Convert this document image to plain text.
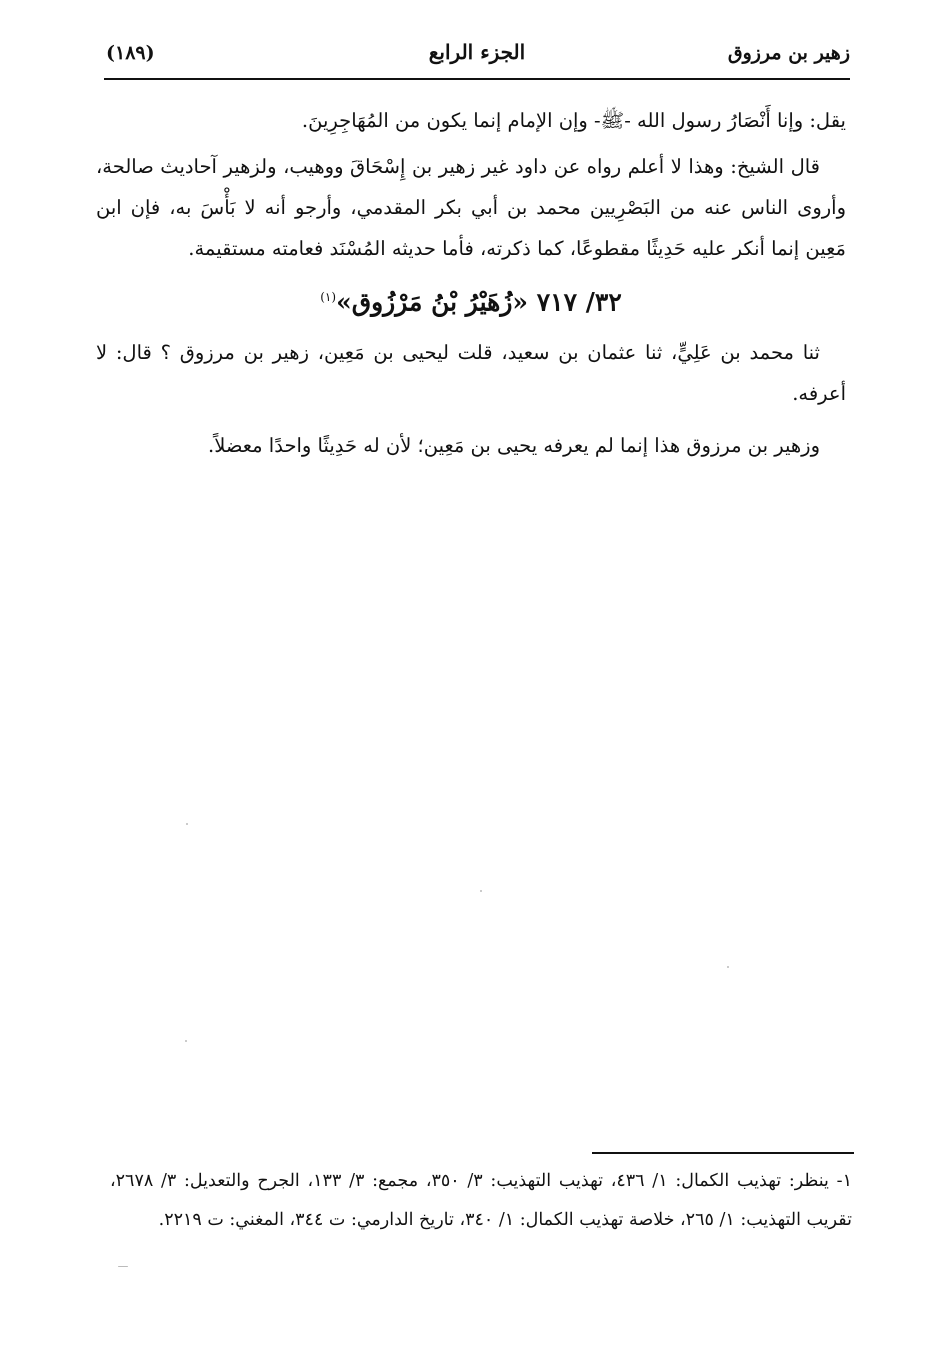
زهير بن مرزوق
الجزء الرابع
(١٨٩)

يقل: وإنا أَنْصَارُ رسول الله -ﷺ- وإن الإمام إنما يكون من المُهَاجِرِينَ.

قال الشيخ: وهذا لا أعلم رواه عن داود غير زهير بن إِسْحَاقَ ووهيب، ولزهير آحاديث صالحة، وأروى الناس عنه من البَصْرِيين محمد بن أبي بكر المقدمي، وأرجو أنه لا بَأْسَ به، فإن ابن مَعِين إنما أنكر عليه حَدِيثًا مقطوعًا، كما ذكرته، فأما حديثه المُسْنَد فعامته مستقيمة.

٣٢/ ٧١٧ «زُهَيْرُ بْنُ مَرْزُوق»$^{(١)}$

ثنا محمد بن عَلِيٍّ، ثنا عثمان بن سعيد، قلت ليحيى بن مَعِين، زهير بن مرزوق ؟ قال: لا أعرفه.

وزهير بن مرزوق هذا إنما لم يعرفه يحيى بن مَعِين؛ لأن له حَدِيثًا واحدًا معضلاً.

١- ينظر: تهذيب الكمال: ١/ ٤٣٦، تهذيب التهذيب: ٣/ ٣٥٠، مجمع: ٣/ ١٣٣، الجرح والتعديل: ٣/ ٢٦٧٨، تقريب التهذيب: ١/ ٢٦٥، خلاصة تهذيب الكمال: ١/ ٣٤٠، تاريخ الدارمي: ت ٣٤٤، المغني: ت ٢٢١٩.
